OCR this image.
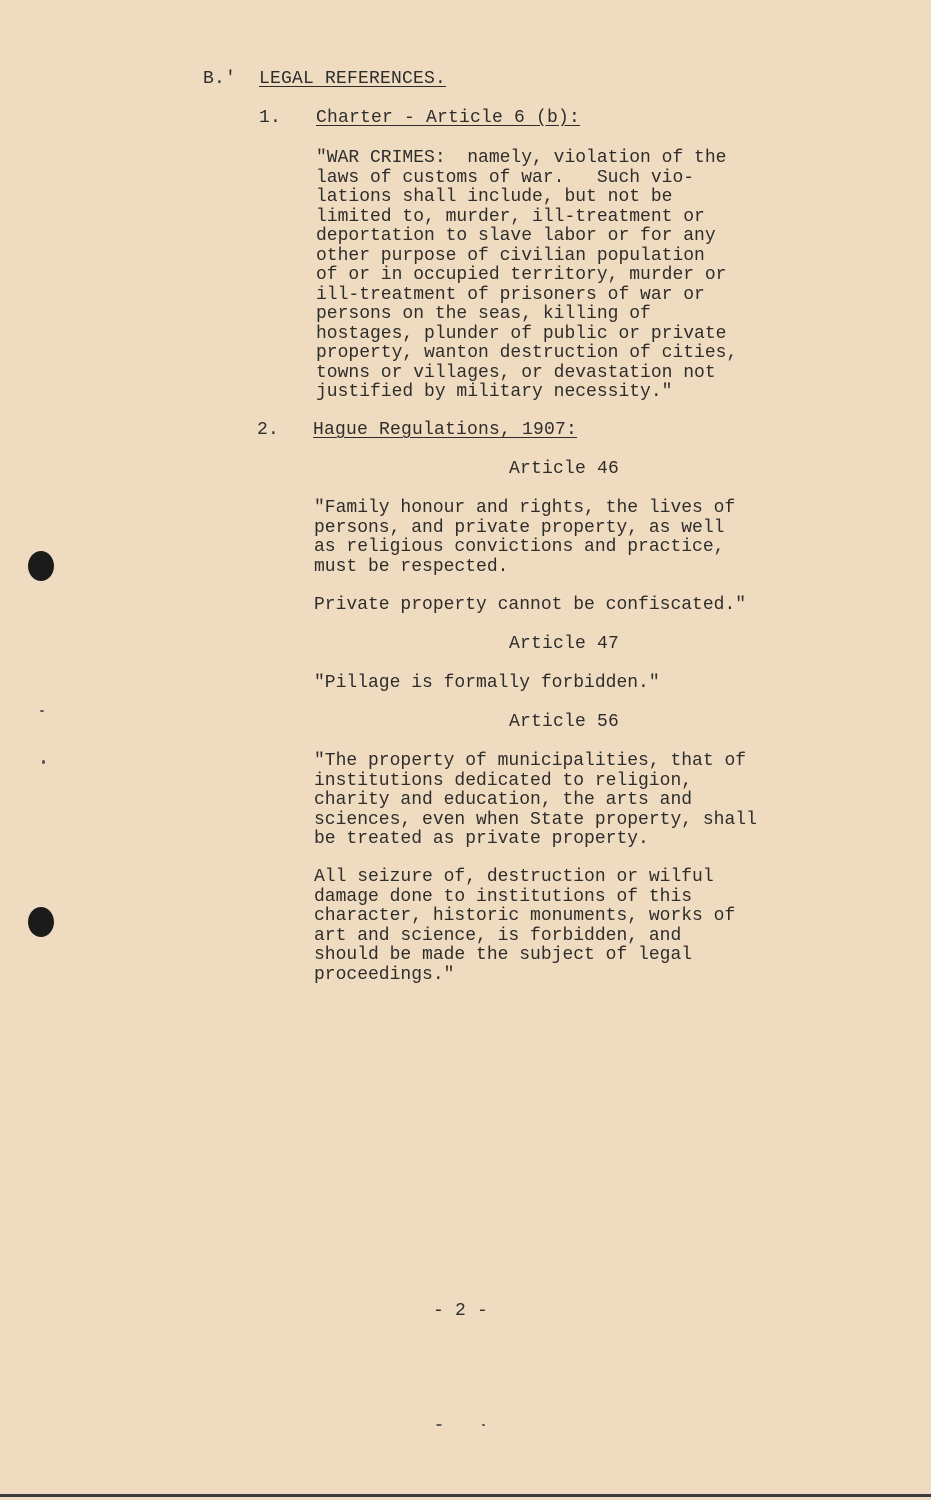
B.' LEGAL REFERENCES.
1. Charter - Article 6 (b):
"WAR CRIMES:  namely, violation of the
laws of customs of war.   Such vio-
lations shall include, but not be
limited to, murder, ill-treatment or
deportation to slave labor or for any
other purpose of civilian population
of or in occupied territory, murder or
ill-treatment of prisoners of war or
persons on the seas, killing of
hostages, plunder of public or private
property, wanton destruction of cities,
towns or villages, or devastation not
justified by military necessity."
2. Hague Regulations, 1907:
Article 46
"Family honour and rights, the lives of
persons, and private property, as well
as religious convictions and practice,
must be respected.
Private property cannot be confiscated."
Article 47
"Pillage is formally forbidden."
Article 56
"The property of municipalities, that of
institutions dedicated to religion,
charity and education, the arts and
sciences, even when State property, shall
be treated as private property.
All seizure of, destruction or wilful
damage done to institutions of this
character, historic monuments, works of
art and science, is forbidden, and
should be made the subject of legal
proceedings."
- 2 -
